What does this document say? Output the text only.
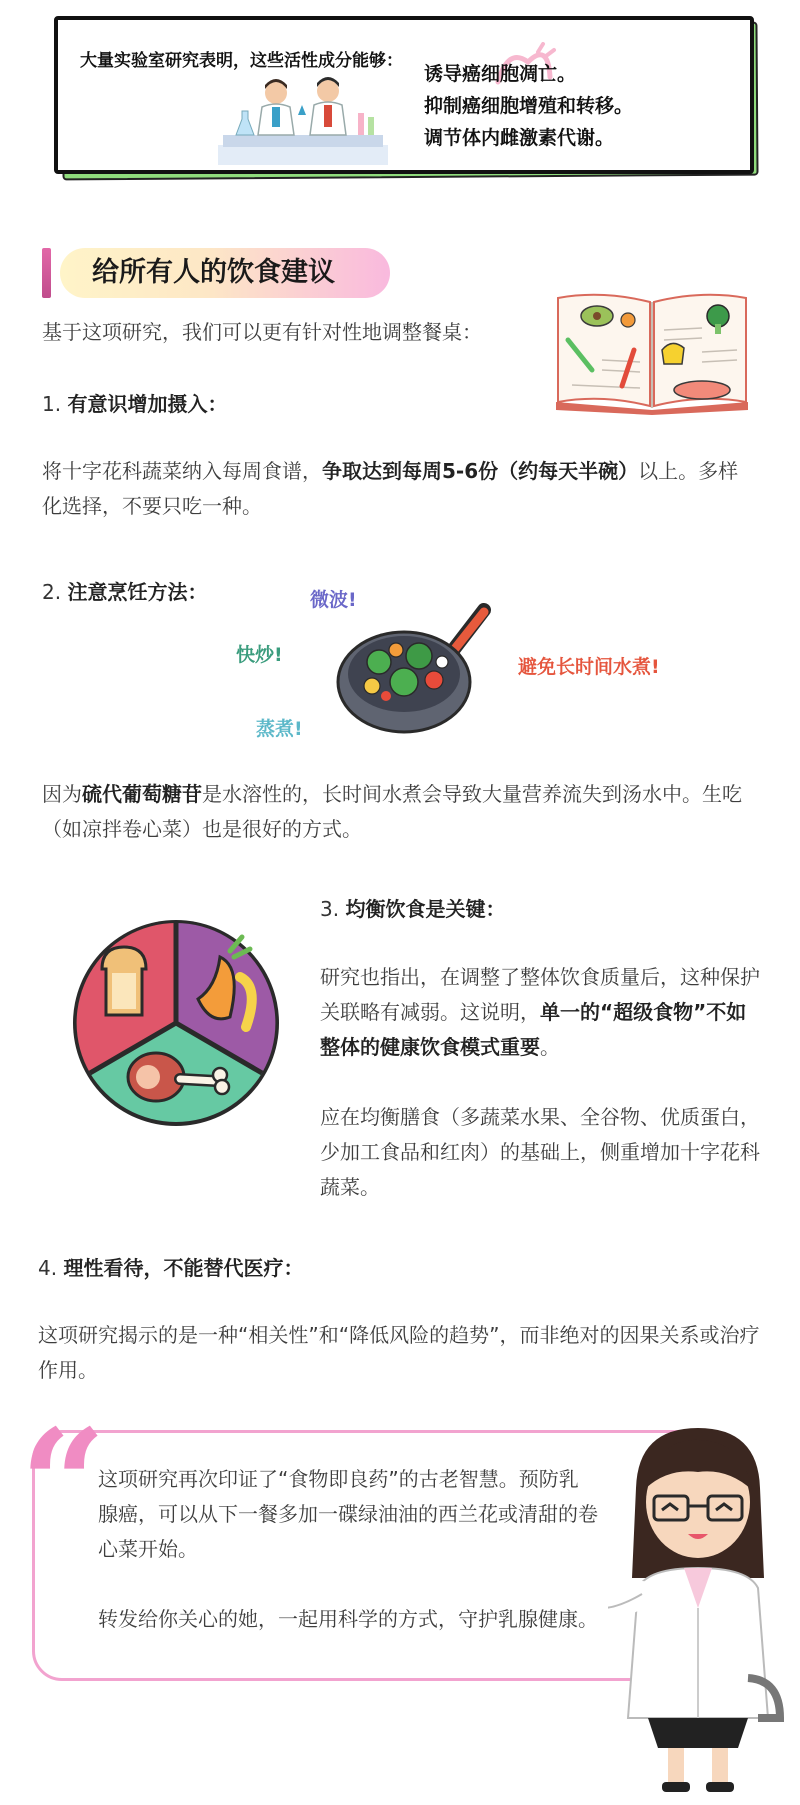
大量实验室研究表明，这些活性成分能够：
诱导癌细胞凋亡。
抑制癌细胞增殖和转移。
调节体内雌激素代谢。
给所有人的饮食建议

基于这项研究，我们可以更有针对性地调整餐桌：

1. 有意识增加摄入：

将十字花科蔬菜纳入每周食谱，争取达到每周5-6份（约每天半碗）以上。多样化选择，不要只吃一种。

2. 注意烹饪方法：	微波!
快炒!
蒸煮!
避免长时间水煮!

因为硫代葡萄糖苷是水溶性的，长时间水煮会导致大量营养流失到汤水中。生吃（如凉拌卷心菜）也是很好的方式。

3. 均衡饮食是关键：

研究也指出，在调整了整体饮食质量后，这种保护关联略有减弱。这说明，单一的“超级食物”不如整体的健康饮食模式重要。

应在均衡膳食（多蔬菜水果、全谷物、优质蛋白，少加工食品和红肉）的基础上，侧重增加十字花科蔬菜。

4. 理性看待，不能替代医疗：

这项研究揭示的是一种“相关性”和“降低风险的趋势”，而非绝对的因果关系或治疗作用。

“

这项研究再次印证了“食物即良药”的古老智慧。预防乳腺癌，可以从下一餐多加一碟绿油油的西兰花或清甜的卷心菜开始。

转发给你关心的她，一起用科学的方式，守护乳腺健康。
